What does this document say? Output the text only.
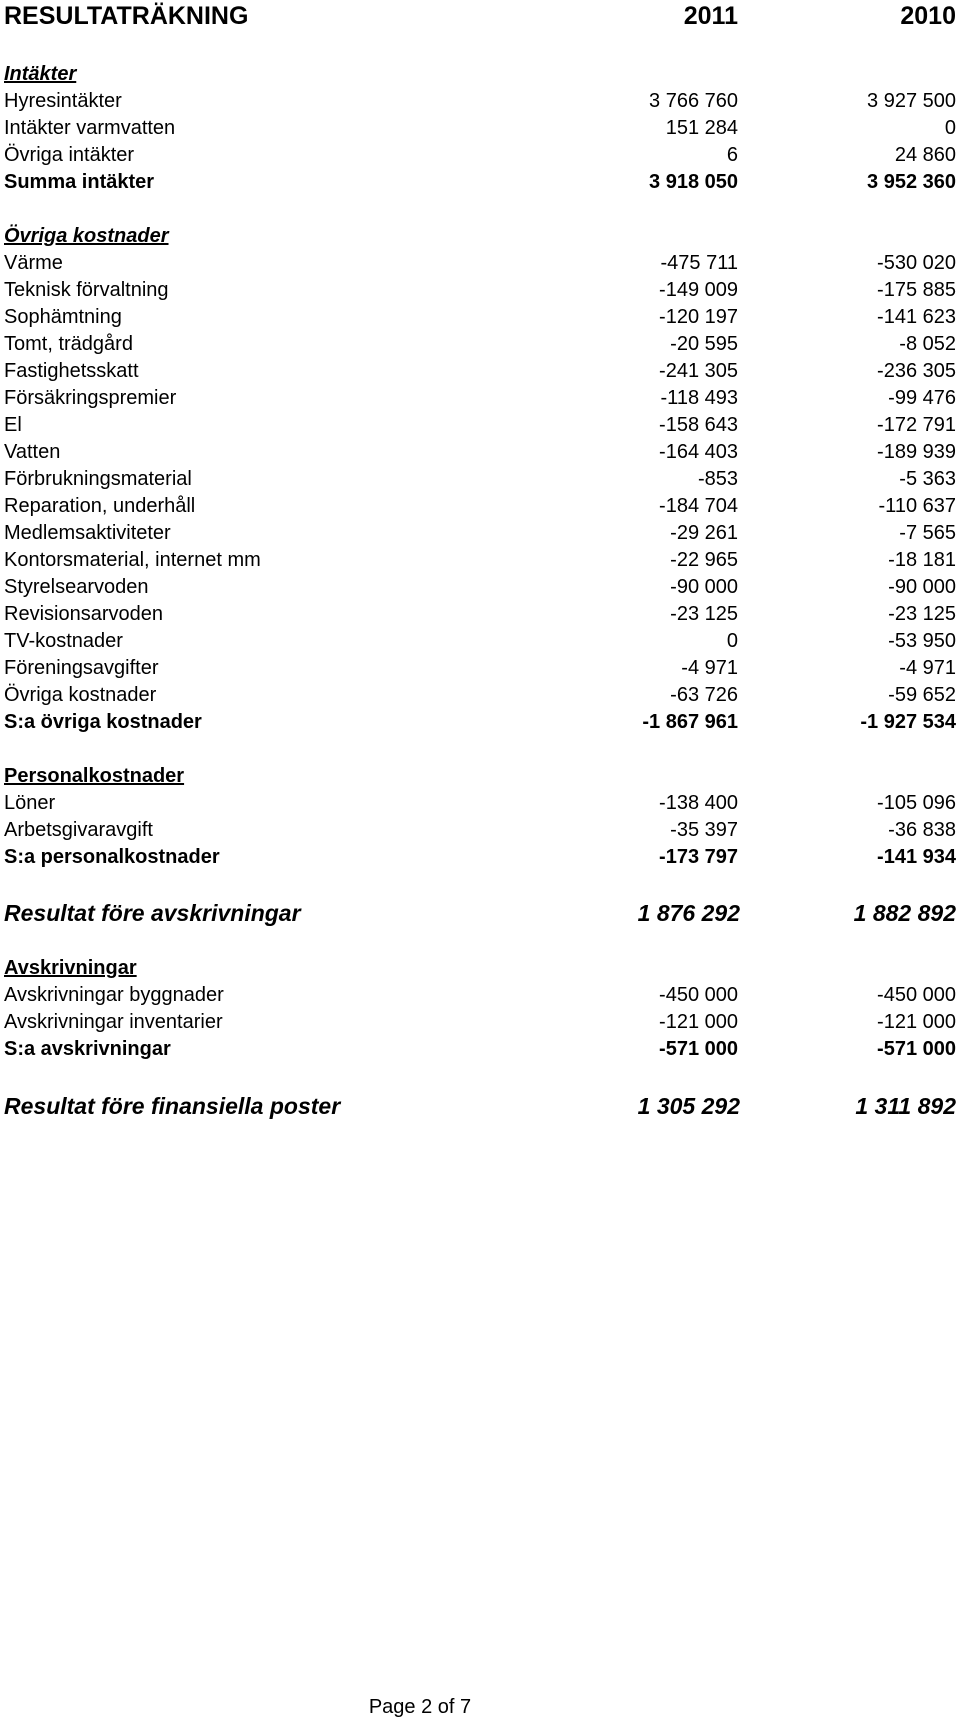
RESULTATRÄKNING	2011	2010
Intäkter
Hyresintäkter	3 766 760	3 927 500
Intäkter varmvatten	151 284	0
Övriga intäkter	6	24 860
Summa intäkter	3 918 050	3 952 360
Övriga kostnader
Värme	-475 711	-530 020
Teknisk förvaltning	-149 009	-175 885
Sophämtning	-120 197	-141 623
Tomt, trädgård	-20 595	-8 052
Fastighetsskatt	-241 305	-236 305
Försäkringspremier	-118 493	-99 476
El	-158 643	-172 791
Vatten	-164 403	-189 939
Förbrukningsmaterial	-853	-5 363
Reparation, underhåll	-184 704	-110 637
Medlemsaktiviteter	-29 261	-7 565
Kontorsmaterial, internet mm	-22 965	-18 181
Styrelsearvoden	-90 000	-90 000
Revisionsarvoden	-23 125	-23 125
TV-kostnader	0	-53 950
Föreningsavgifter	-4 971	-4 971
Övriga kostnader	-63 726	-59 652
S:a övriga kostnader	-1 867 961	-1 927 534
Personalkostnader
Löner	-138 400	-105 096
Arbetsgivaravgift	-35 397	-36 838
S:a personalkostnader	-173 797	-141 934
Resultat före avskrivningar	1 876 292	1 882 892
Avskrivningar
Avskrivningar byggnader	-450 000	-450 000
Avskrivningar inventarier	-121 000	-121 000
S:a avskrivningar	-571 000	-571 000
Resultat före finansiella poster	1 305 292	1 311 892
Page 2 of 7
